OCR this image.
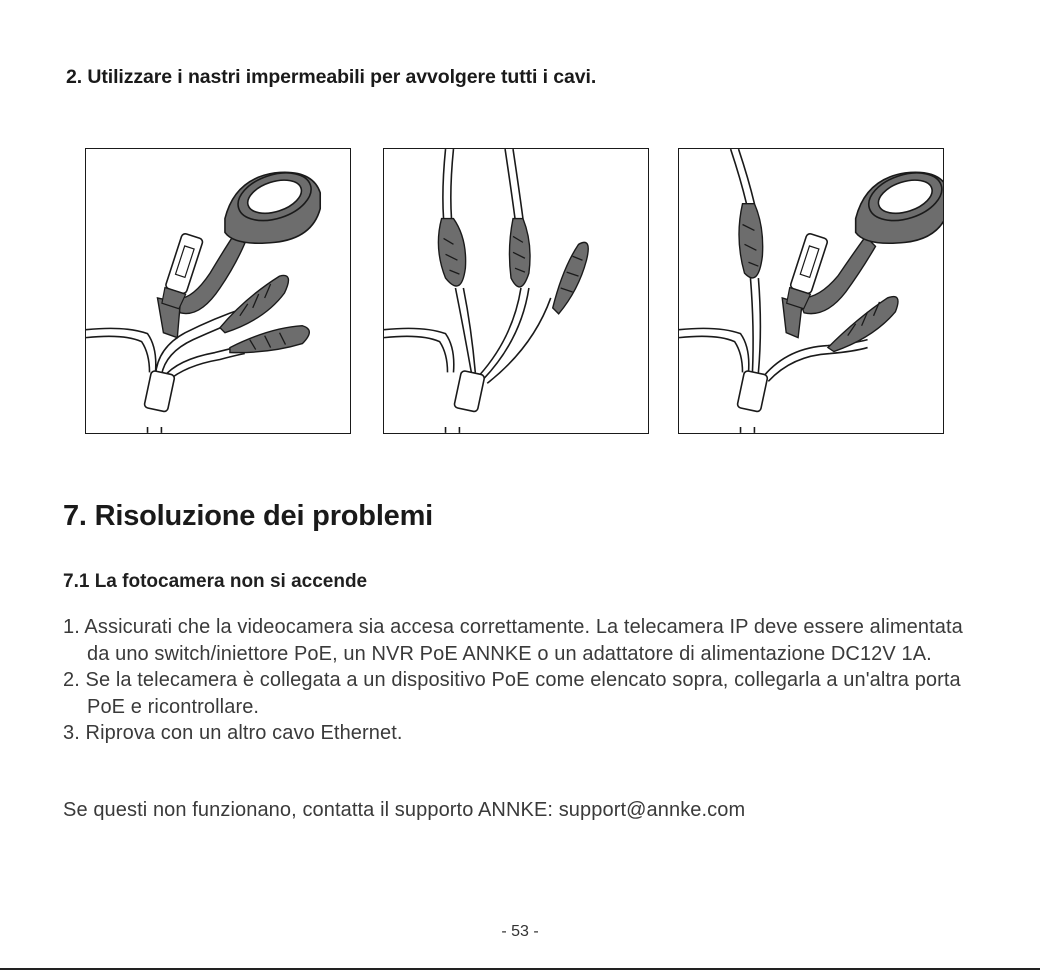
2. Utilizzare i nastri impermeabili per avvolgere tutti i cavi.
7. Risoluzione dei problemi
7.1 La fotocamera non si accende
1. Assicurati che la videocamera sia accesa correttamente. La telecamera IP deve essere alimentata da uno switch/iniettore PoE, un NVR PoE ANNKE o un adattatore di alimentazione DC12V 1A.
2. Se la telecamera è collegata a un dispositivo PoE come elencato sopra, collegarla a un'altra porta PoE e ricontrollare.
3. Riprova con un altro cavo Ethernet.
Se questi non funzionano, contatta il supporto ANNKE: support@annke.com
- 53 -
